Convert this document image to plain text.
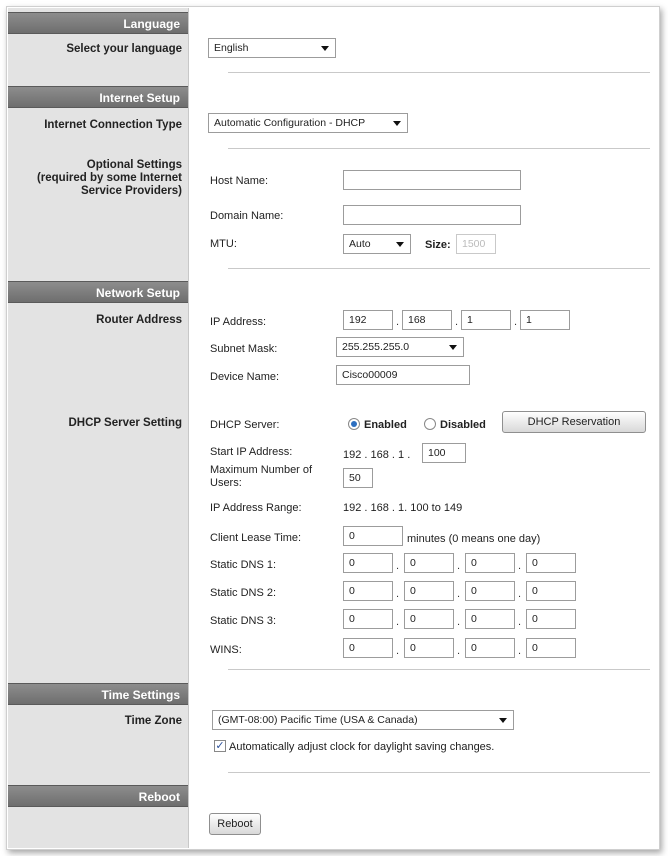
Language
Select your language	English
Internet Setup
Internet Connection Type	Automatic Configuration - DHCP
Optional Settings
(required by some Internet
Service Providers)
Host Name:
Domain Name:
MTU:	Auto	Size:	1500
Network Setup
Router Address	IP Address:	192	. 168	. 1	. 1
Subnet Mask:	255.255.255.0
Device Name:	Cisco00009
DHCP Server Setting	DHCP Server:	Enabled	Disabled	DHCP Reservation
Start IP Address:	192 . 168 . 1 .	100
Maximum Number of
Users:	50
IP Address Range:	192 . 168 . 1. 100 to 149
Client Lease Time:	0	minutes (0 means one day)
Static DNS 1:	0	.	0	.	0	.	0
Static DNS 2:	0	.	0	.	0	.	0
Static DNS 3:	0	.	0	.	0	.	0
WINS:	0	.	0	.	0	.	0
Time Settings
Time Zone	(GMT-08:00) Pacific Time (USA & Canada)
✓ Automatically adjust clock for daylight saving changes.
Reboot
Reboot
